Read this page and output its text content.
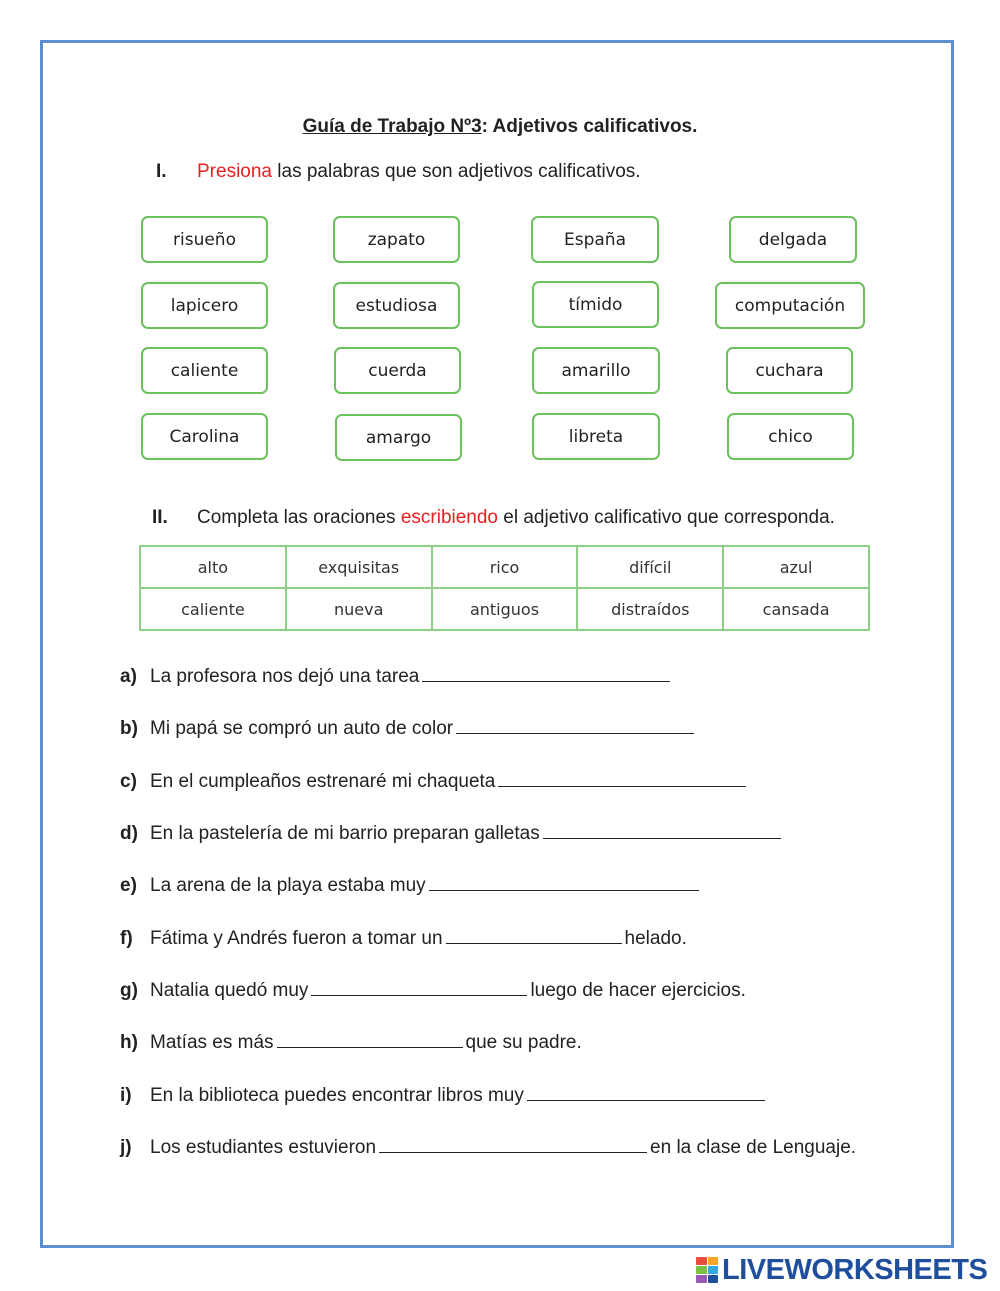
Guía de Trabajo Nº3: Adjetivos calificativos.
I. Presiona las palabras que son adjetivos calificativos.
risueño	zapato	España	delgada
lapicero	estudiosa	tímido	computación
caliente	cuerda	amarillo	cuchara
Carolina	amargo	libreta	chico
II. Completa las oraciones escribiendo el adjetivo calificativo que corresponda.
alto	exquisitas	rico	difícil	azul
caliente	nueva	antiguos	distraídos	cansada
a) La profesora nos dejó una tarea
b) Mi papá se compró un auto de color
c) En el cumpleaños estrenaré mi chaqueta
d) En la pastelería de mi barrio preparan galletas
e) La arena de la playa estaba muy
f) Fátima y Andrés fueron a tomar un	helado.
g) Natalia quedó muy	luego de hacer ejercicios.
h) Matías es más	que su padre.
i) En la biblioteca puedes encontrar libros muy
j) Los estudiantes estuvieron	en la clase de Lenguaje.
LIVEWORKSHEETS
